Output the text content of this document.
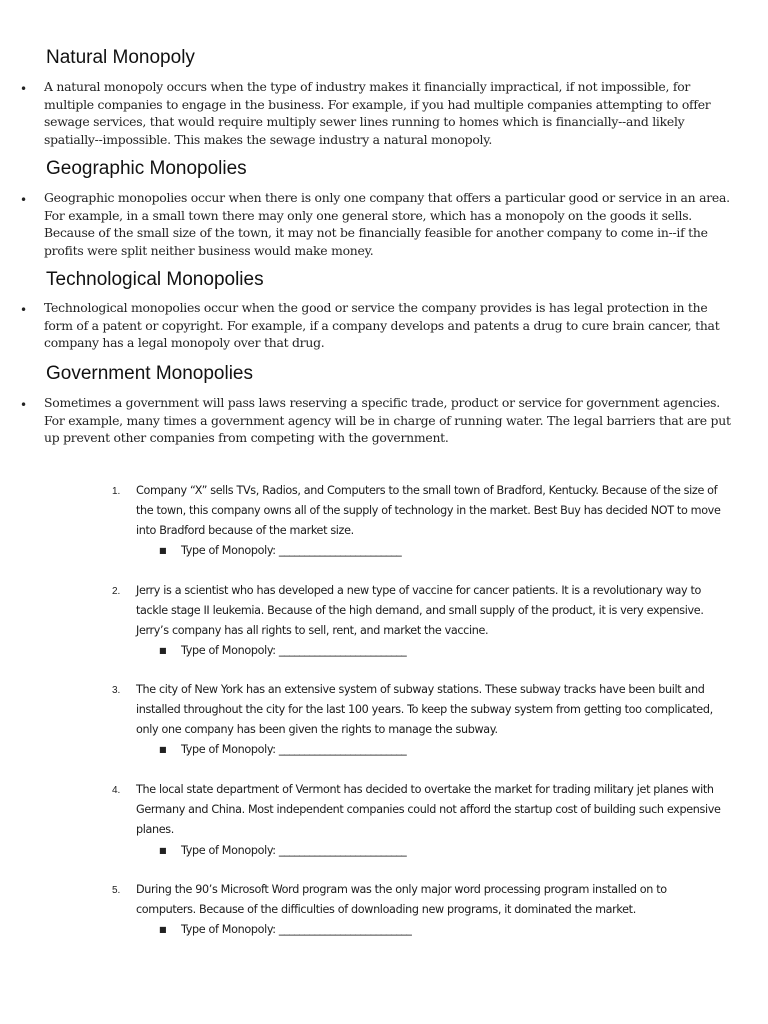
Natural Monopoly
• A natural monopoly occurs when the type of industry makes it financially impractical, if not impossible, for multiple companies to engage in the business. For example, if you had multiple companies attempting to offer sewage services, that would require multiply sewer lines running to homes which is financially--and likely spatially--impossible. This makes the sewage industry a natural monopoly.

Geographic Monopolies
• Geographic monopolies occur when there is only one company that offers a particular good or service in an area. For example, in a small town there may only one general store, which has a monopoly on the goods it sells. Because of the small size of the town, it may not be financially feasible for another company to come in--if the profits were split neither business would make money.

Technological Monopolies
• Technological monopolies occur when the good or service the company provides is has legal protection in the form of a patent or copyright. For example, if a company develops and patents a drug to cure brain cancer, that company has a legal monopoly over that drug.

Government Monopolies
• Sometimes a government will pass laws reserving a specific trade, product or service for government agencies. For example, many times a government agency will be in charge of running water. The legal barriers that are put up prevent other companies from competing with the government.

1. Company “X” sells TVs, Radios, and Computers to the small town of Bradford, Kentucky. Because of the size of the town, this company owns all of the supply of technology in the market. Best Buy has decided NOT to move into Bradford because of the market size.

■ Type of Monopoly: ________________________
2. Jerry is a scientist who has developed a new type of vaccine for cancer patients. It is a revolutionary way to tackle stage II leukemia. Because of the high demand, and small supply of the product, it is very expensive. Jerry’s company has all rights to sell, rent, and market the vaccine.

■ Type of Monopoly: _________________________
3. The city of New York has an extensive system of subway stations. These subway tracks have been built and installed throughout the city for the last 100 years. To keep the subway system from getting too complicated, only one company has been given the rights to manage the subway.

■ Type of Monopoly: _________________________
4. The local state department of Vermont has decided to overtake the market for trading military jet planes with Germany and China. Most independent companies could not afford the startup cost of building such expensive planes.

■ Type of Monopoly: _________________________
5. During the 90’s Microsoft Word program was the only major word processing program installed on to computers. Because of the difficulties of downloading new programs, it dominated the market.

■ Type of Monopoly: __________________________
